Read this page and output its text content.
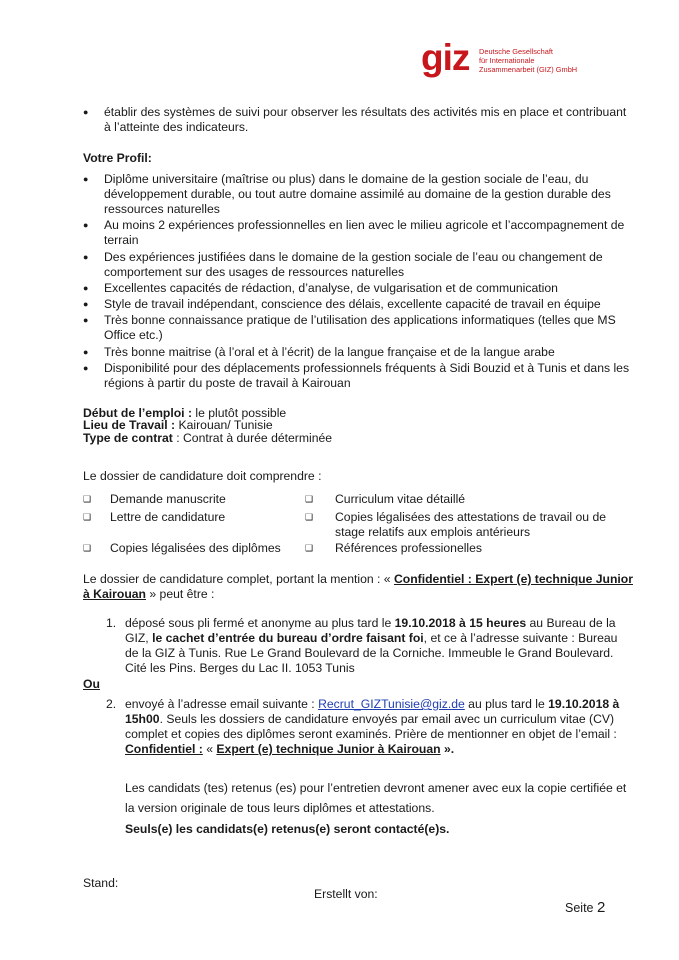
giz Deutsche Gesellschaft
für Internationale
Zusammenarbeit (GIZ) GmbH
● établir des systèmes de suivi pour observer les résultats des activités mis en place et contribuant
à l’atteinte des indicateurs.
Votre Profil:
● Diplôme universitaire (maîtrise ou plus) dans le domaine de la gestion sociale de l’eau, du
développement durable, ou tout autre domaine assimilé au domaine de la gestion durable des
ressources naturelles
● Au moins 2 expériences professionnelles en lien avec le milieu agricole et l’accompagnement de
terrain
● Des expériences justifiées dans le domaine de la gestion sociale de l’eau ou changement de
comportement sur des usages de ressources naturelles
● Excellentes capacités de rédaction, d’analyse, de vulgarisation et de communication
● Style de travail indépendant, conscience des délais, excellente capacité de travail en équipe
● Très bonne connaissance pratique de l’utilisation des applications informatiques (telles que MS
Office etc.)
● Très bonne maitrise (à l’oral et à l’écrit) de la langue française et de la langue arabe
● Disponibilité pour des déplacements professionnels fréquents à Sidi Bouzid et à Tunis et dans les
régions à partir du poste de travail à Kairouan
Début de l’emploi : le plutôt possible
Lieu de Travail : Kairouan/ Tunisie
Type de contrat : Contrat à durée déterminée
Le dossier de candidature doit comprendre :
❑ Demande manuscrite	❑ Curriculum vitae détaillé
❑ Lettre de candidature	❑ Copies légalisées des attestations de travail ou de
stage relatifs aux emplois antérieurs
❑ Copies légalisées des diplômes	❑ Références professionelles
Le dossier de candidature complet, portant la mention : « Confidentiel : Expert (e) technique Junior
à Kairouan » peut être :
1. déposé sous pli fermé et anonyme au plus tard le 19.10.2018 à 15 heures au Bureau de la
GIZ, le cachet d’entrée du bureau d’ordre faisant foi, et ce à l’adresse suivante : Bureau
de la GIZ à Tunis. Rue Le Grand Boulevard de la Corniche. Immeuble le Grand Boulevard.
Cité les Pins. Berges du Lac II. 1053 Tunis
Ou
2. envoyé à l’adresse email suivante : Recrut_GIZTunisie@giz.de au plus tard le 19.10.2018 à
15h00. Seuls les dossiers de candidature envoyés par email avec un curriculum vitae (CV)
complet et copies des diplômes seront examinés. Prière de mentionner en objet de l’email :
Confidentiel : « Expert (e) technique Junior à Kairouan ».
Les candidats (tes) retenus (es) pour l’entretien devront amener avec eux la copie certifiée et
la version originale de tous leurs diplômes et attestations.
Seuls(e) les candidats(e) retenus(e) seront contacté(e)s.
Stand:
Erstellt von:
Seite 2
